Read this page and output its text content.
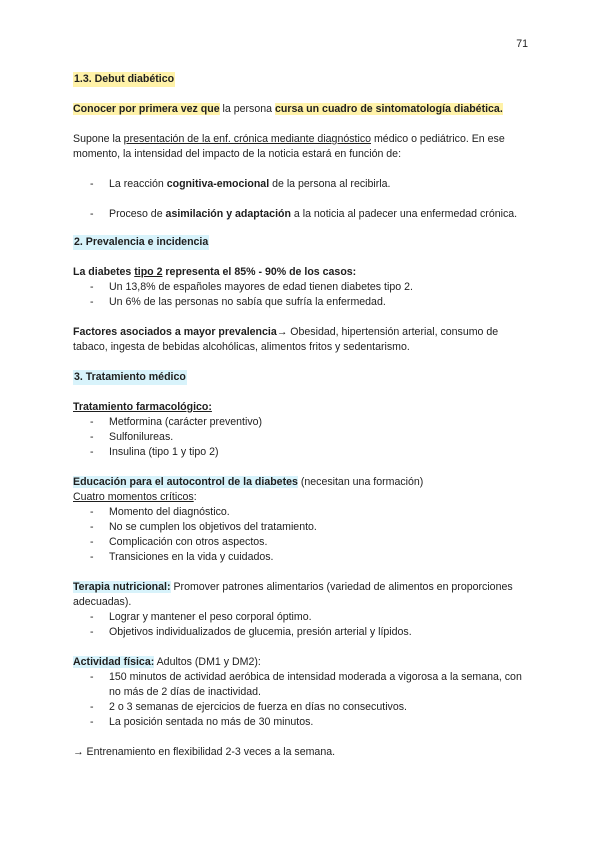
71

1.3. Debut diabético

Conocer por primera vez que la persona cursa un cuadro de sintomatología diabética.

Supone la presentación de la enf. crónica mediante diagnóstico médico o pediátrico. En ese momento, la intensidad del impacto de la noticia estará en función de:

- La reacción cognitiva-emocional de la persona al recibirla.
- Proceso de asimilación y adaptación a la noticia al padecer una enfermedad crónica.

2. Prevalencia e incidencia

La diabetes tipo 2 representa el 85% - 90% de los casos:

- Un 13,8% de españoles mayores de edad tienen diabetes tipo 2.
- Un 6% de las personas no sabía que sufría la enfermedad.

Factores asociados a mayor prevalencia→ Obesidad, hipertensión arterial, consumo de tabaco, ingesta de bebidas alcohólicas, alimentos fritos y sedentarismo.

3. Tratamiento médico

Tratamiento farmacológico:

- Metformina (carácter preventivo)
- Sulfonilureas.
- Insulina (tipo 1 y tipo 2)

Educación para el autocontrol de la diabetes (necesitan una formación)

Cuatro momentos críticos:

- Momento del diagnóstico.
- No se cumplen los objetivos del tratamiento.
- Complicación con otros aspectos.
- Transiciones en la vida y cuidados.

Terapia nutricional: Promover patrones alimentarios (variedad de alimentos en proporciones adecuadas).

- Lograr y mantener el peso corporal óptimo.
- Objetivos individualizados de glucemia, presión arterial y lípidos.

Actividad física: Adultos (DM1 y DM2):

- 150 minutos de actividad aeróbica de intensidad moderada a vigorosa a la semana, con no más de 2 días de inactividad.
- 2 o 3 semanas de ejercicios de fuerza en días no consecutivos.
- La posición sentada no más de 30 minutos.

→ Entrenamiento en flexibilidad 2-3 veces a la semana.
